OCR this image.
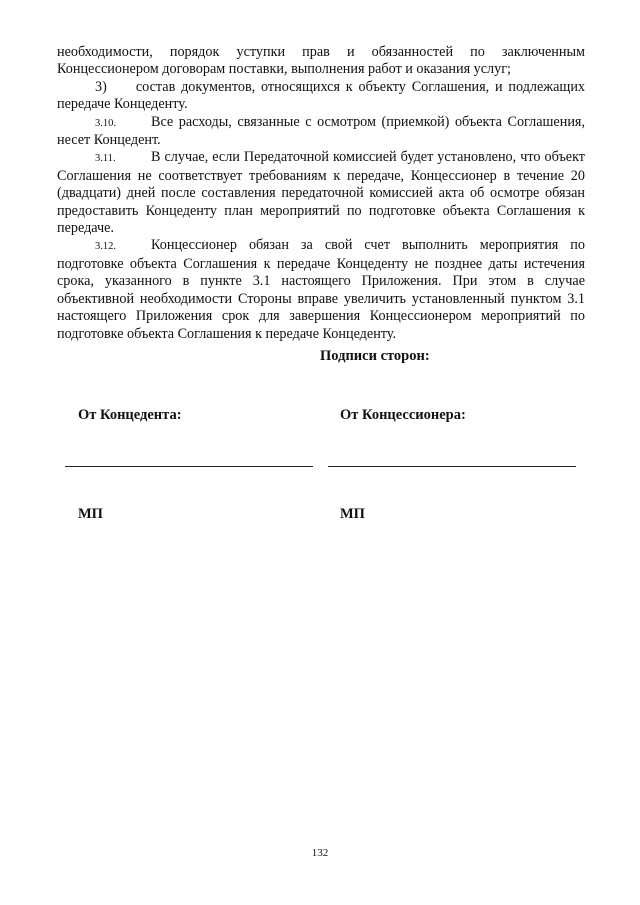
необходимости, порядок уступки прав и обязанностей по заключенным Концессионером договорам поставки, выполнения работ и оказания услуг;

3) состав документов, относящихся к объекту Соглашения, и подлежащих передаче Концеденту.

3.10. Все расходы, связанные с осмотром (приемкой) объекта Соглашения, несет Концедент.

3.11. В случае, если Передаточной комиссией будет установлено, что объект Соглашения не соответствует требованиям к передаче, Концессионер в течение 20 (двадцати) дней после составления передаточной комиссией акта об осмотре обязан предоставить Концеденту план мероприятий по подготовке объекта Соглашения к передаче.

3.12. Концессионер обязан за свой счет выполнить мероприятия по подготовке объекта Соглашения к передаче Концеденту не позднее даты истечения срока, указанного в пункте 3.1 настоящего Приложения. При этом в случае объективной необходимости Стороны вправе увеличить установленный пунктом 3.1 настоящего Приложения срок для завершения Концессионером мероприятий по подготовке объекта Соглашения к передаче Концеденту.

Подписи сторон:
От Концедента:	От Концессионера:
МП	МП
132
